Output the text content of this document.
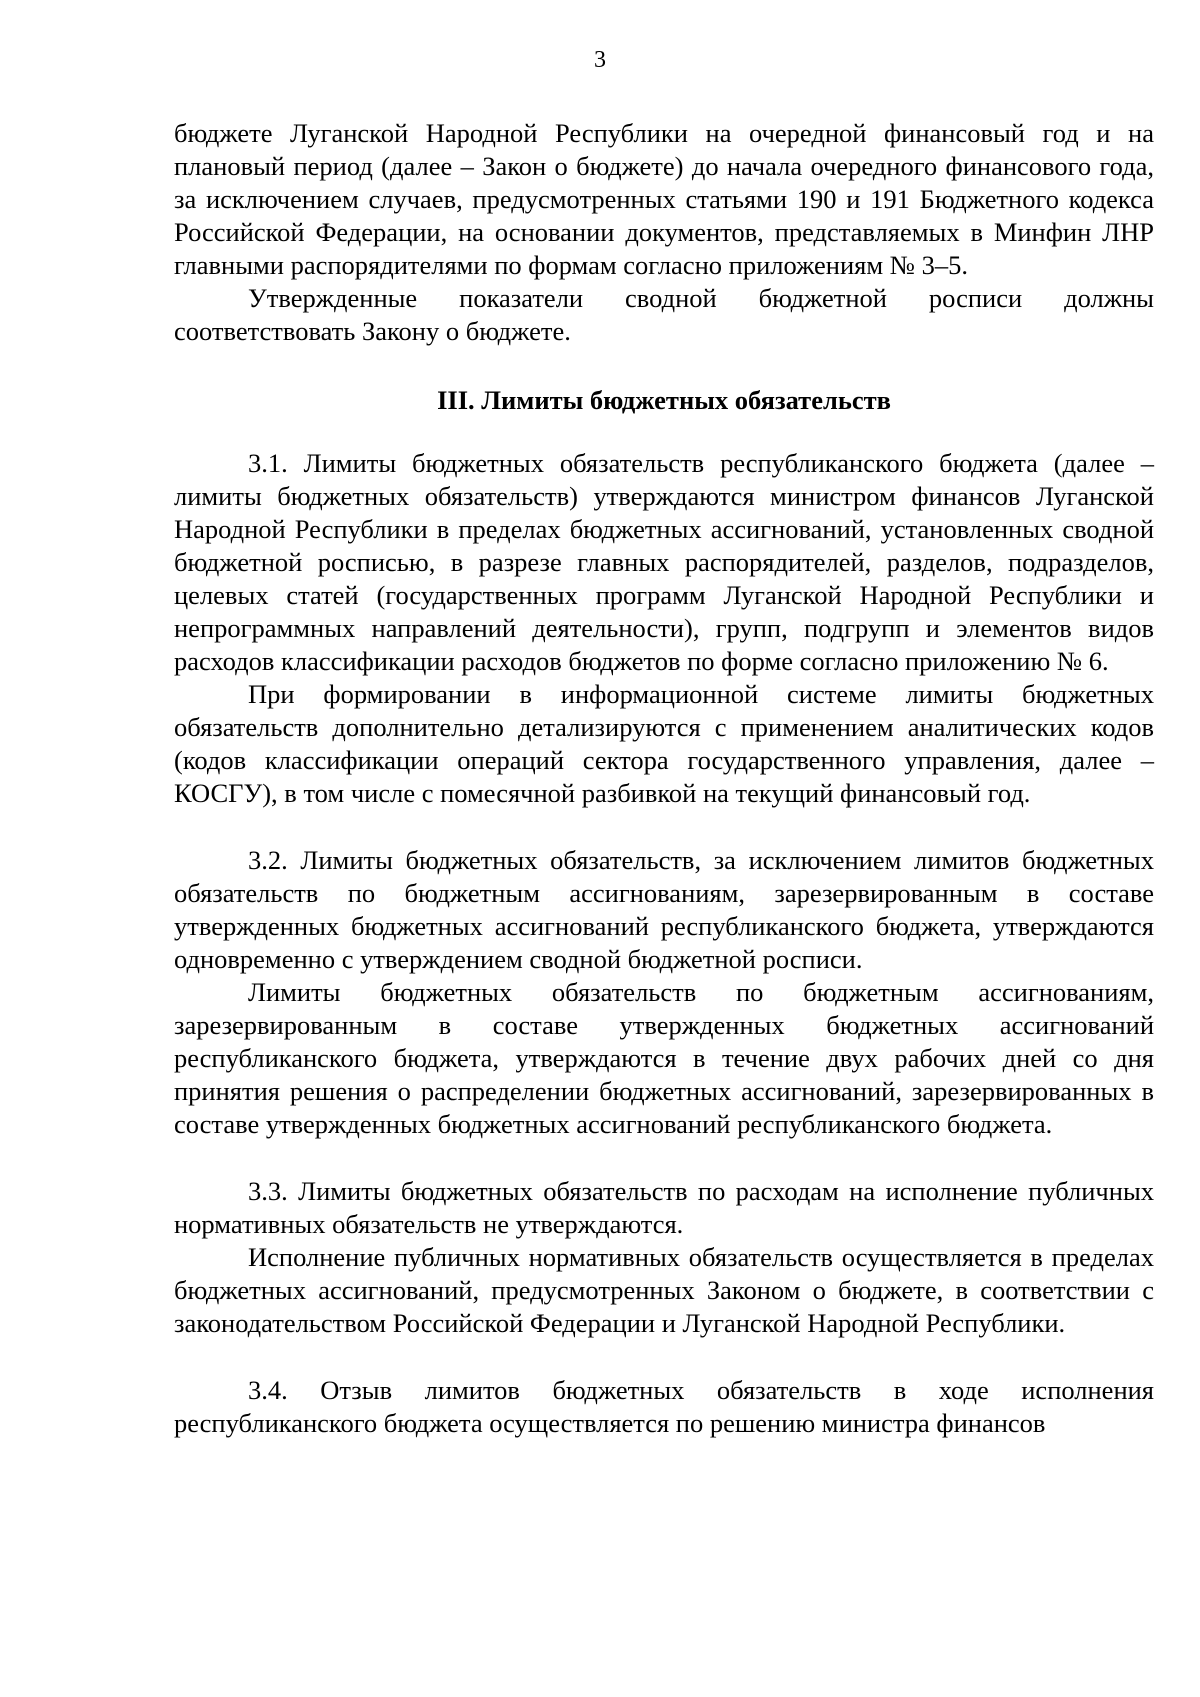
3

бюджете Луганской Народной Республики на очередной финансовый год и на плановый период (далее – Закон о бюджете) до начала очередного финансового года, за исключением случаев, предусмотренных статьями 190 и 191 Бюджетного кодекса Российской Федерации, на основании документов, представляемых в Минфин ЛНР главными распорядителями по формам согласно приложениям № 3–5.

Утвержденные показатели сводной бюджетной росписи должны соответствовать Закону о бюджете.

III. Лимиты бюджетных обязательств

3.1. Лимиты бюджетных обязательств республиканского бюджета (далее – лимиты бюджетных обязательств) утверждаются министром финансов Луганской Народной Республики в пределах бюджетных ассигнований, установленных сводной бюджетной росписью, в разрезе главных распорядителей, разделов, подразделов, целевых статей (государственных программ Луганской Народной Республики и непрограммных направлений деятельности), групп, подгрупп и элементов видов расходов классификации расходов бюджетов по форме согласно приложению № 6.

При формировании в информационной системе лимиты бюджетных обязательств дополнительно детализируются с применением аналитических кодов (кодов классификации операций сектора государственного управления, далее – КОСГУ), в том числе с помесячной разбивкой на текущий финансовый год.

3.2. Лимиты бюджетных обязательств, за исключением лимитов бюджетных обязательств по бюджетным ассигнованиям, зарезервированным в составе утвержденных бюджетных ассигнований республиканского бюджета, утверждаются одновременно с утверждением сводной бюджетной росписи.

Лимиты бюджетных обязательств по бюджетным ассигнованиям, зарезервированным в составе утвержденных бюджетных ассигнований республиканского бюджета, утверждаются в течение двух рабочих дней со дня принятия решения о распределении бюджетных ассигнований, зарезервированных в составе утвержденных бюджетных ассигнований республиканского бюджета.

3.3. Лимиты бюджетных обязательств по расходам на исполнение публичных нормативных обязательств не утверждаются.

Исполнение публичных нормативных обязательств осуществляется в пределах бюджетных ассигнований, предусмотренных Законом о бюджете, в соответствии с законодательством Российской Федерации и Луганской Народной Республики.

3.4. Отзыв лимитов бюджетных обязательств в ходе исполнения республиканского бюджета осуществляется по решению министра финансов
